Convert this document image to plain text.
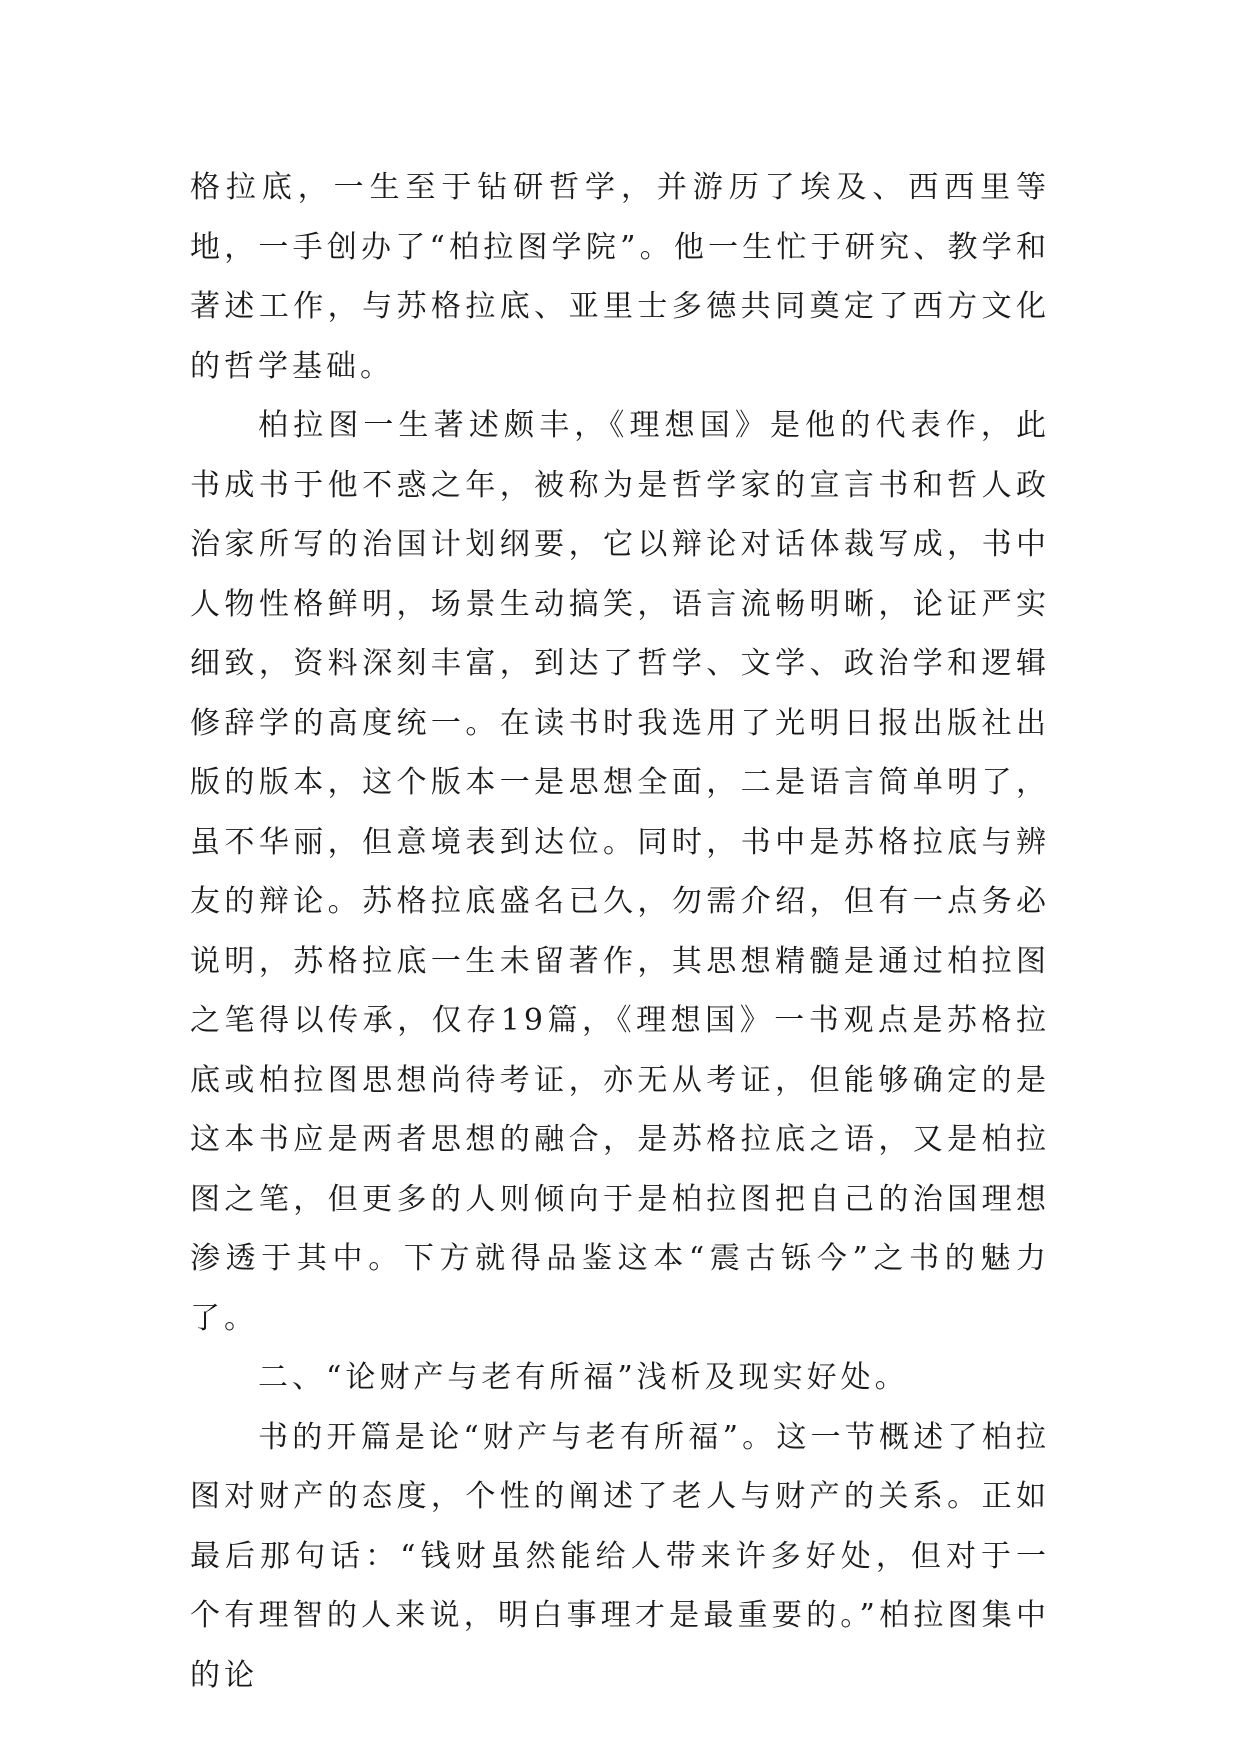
格拉底，一生至于钻研哲学，并游历了埃及、西西里等地，一手创办了“柏拉图学院”。他一生忙于研究、教学和著述工作，与苏格拉底、亚里士多德共同奠定了西方文化的哲学基础。

柏拉图一生著述颇丰，《理想国》是他的代表作，此书成书于他不惑之年，被称为是哲学家的宣言书和哲人政治家所写的治国计划纲要，它以辩论对话体裁写成，书中人物性格鲜明，场景生动搞笑，语言流畅明晰，论证严实细致，资料深刻丰富，到达了哲学、文学、政治学和逻辑修辞学的高度统一。在读书时我选用了光明日报出版社出版的版本，这个版本一是思想全面，二是语言简单明了，虽不华丽，但意境表到达位。同时，书中是苏格拉底与辨友的辩论。苏格拉底盛名已久，勿需介绍，但有一点务必说明，苏格拉底一生未留著作，其思想精髓是通过柏拉图之笔得以传承，仅存19篇，《理想国》一书观点是苏格拉底或柏拉图思想尚待考证，亦无从考证，但能够确定的是这本书应是两者思想的融合，是苏格拉底之语，又是柏拉图之笔，但更多的人则倾向于是柏拉图把自己的治国理想渗透于其中。下方就得品鉴这本“震古铄今”之书的魅力了。

二、“论财产与老有所福”浅析及现实好处。

书的开篇是论“财产与老有所福”。这一节概述了柏拉图对财产的态度，个性的阐述了老人与财产的关系。正如最后那句话：“钱财虽然能给人带来许多好处，但对于一个有理智的人来说，明白事理才是最重要的。”柏拉图集中的论
